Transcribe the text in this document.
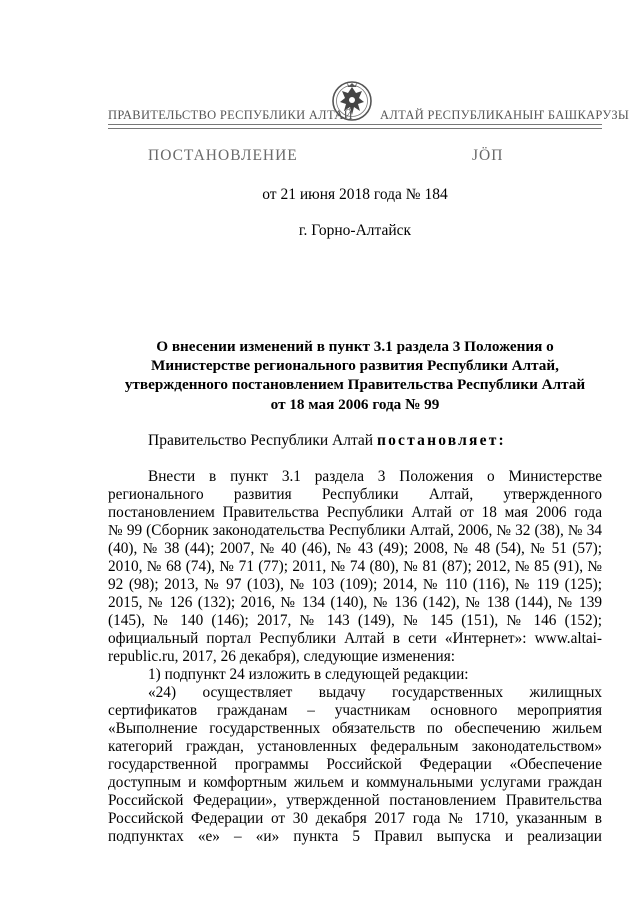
ПРАВИТЕЛЬСТВО РЕСПУБЛИКИ АЛТАЙ АЛТАЙ РЕСПУБЛИКАНЫҤ БАШКАРУЗЫ
ПОСТАНОВЛЕНИЕ	ЈӦП
от 21 июня 2018 года № 184
г. Горно-Алтайск
О внесении изменений в пункт 3.1 раздела 3 Положения о
Министерстве регионального развития Республики Алтай,
утвержденного постановлением Правительства Республики Алтай
от 18 мая 2006 года № 99
Правительство Республики Алтай постановляет:
Внести в пункт 3.1 раздела 3 Положения о Министерстве
регионального развития Республики Алтай, утвержденного
постановлением Правительства Республики Алтай от 18 мая 2006 года
№ 99 (Сборник законодательства Республики Алтай, 2006, № 32 (38), № 34
(40), № 38 (44); 2007, № 40 (46), № 43 (49); 2008, № 48 (54), № 51 (57);
2010, № 68 (74), № 71 (77); 2011, № 74 (80), № 81 (87); 2012, № 85 (91), №
92 (98); 2013, № 97 (103), № 103 (109); 2014, № 110 (116), № 119 (125);
2015, № 126 (132); 2016, № 134 (140), № 136 (142), № 138 (144), № 139
(145), № 140 (146); 2017, № 143 (149), № 145 (151), № 146 (152);
официальный портал Республики Алтай в сети «Интернет»: www.altai-
republic.ru, 2017, 26 декабря), следующие изменения:
1) подпункт 24 изложить в следующей редакции:
«24) осуществляет выдачу государственных жилищных
сертификатов гражданам – участникам основного мероприятия
«Выполнение государственных обязательств по обеспечению жильем
категорий граждан, установленных федеральным законодательством»
государственной программы Российской Федерации «Обеспечение
доступным и комфортным жильем и коммунальными услугами граждан
Российской Федерации», утвержденной постановлением Правительства
Российской Федерации от 30 декабря 2017 года № 1710, указанным в
подпунктах «е» – «и» пункта 5 Правил выпуска и реализации
